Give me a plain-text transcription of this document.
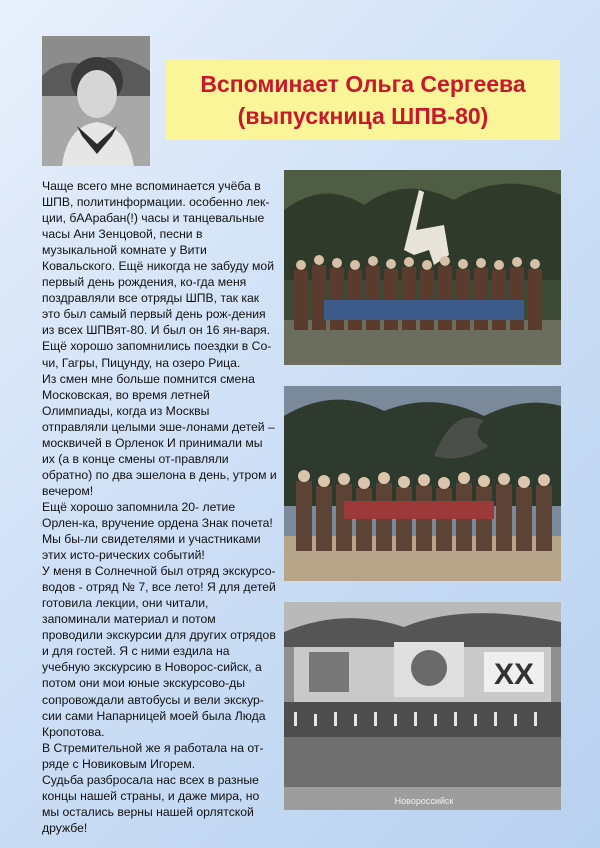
Вспоминает Ольга Сергеева
(выпускница ШПВ-80)

Чаще всего мне вспоминается учёба в ШПВ, политинформации. особенно лек-ции, бААрабан(!) часы и танцевальные часы Ани Зенцовой, песни в музыкальной комнате у Вити Ковальского. Ещё никогда не забуду мой первый день рождения, ко-гда меня поздравляли все отряды ШПВ, так как это был самый первый день рож-дения из всех ШПВят-80. И был он 16 ян-варя.

Ещё хорошо запомнились поездки в Со-чи, Гагры, Пицунду, на озеро Рица.

Из смен мне больше помнится смена Московская, во время летней Олимпиады, когда из Москвы отправляли целыми эше-лонами детей – москвичей в Орленок И принимали мы их (а в конце смены от-правляли обратно) по два эшелона в день, утром и вечером!

Ещё хорошо запомнила 20- летие Орлен-ка, вручение ордена Знак почета! Мы бы-ли свидетелями и участниками этих исто-рических событий!

У меня в Солнечной был отряд экскурсо-водов - отряд № 7, все лето! Я для детей готовила лекции, они читали, запоминали материал и потом проводили экскурсии для других отрядов и для гостей. Я с ними ездила на учебную экскурсию в Новорос-сийск, а потом они мои юные экскурсово-ды сопровождали автобусы и вели экскур-сии сами Напарницей моей была Люда Кропотова.

В Стремительной же я работала на от-ряде с Новиковым Игорем.

Судьба разбросала нас всех в разные концы нашей страны, и даже мира, но мы остались верны нашей орлятской дружбе!

XX
Новороссийск
